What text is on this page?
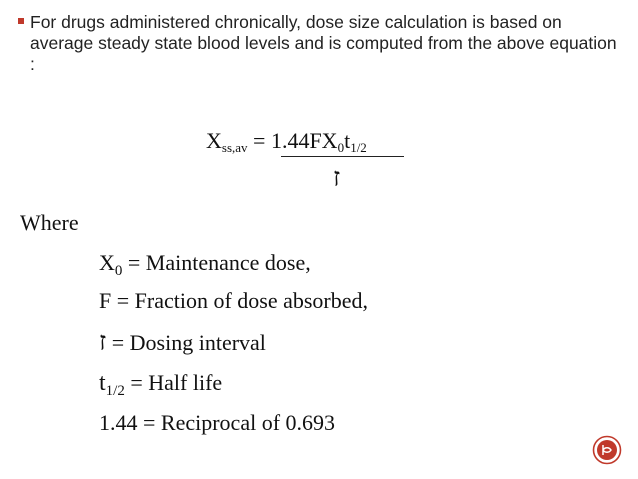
For drugs administered chronically, dose size calculation is based on average steady state blood levels and is computed from the above equation :
$X_{ss,av} = 1.44FX_0t_{1/2}$
ז
Where
$X_0$ = Maintenance dose,
F = Fraction of dose absorbed,
ז = Dosing interval
$t_{1/2}$ = Half life
1.44 = Reciprocal of 0.693
